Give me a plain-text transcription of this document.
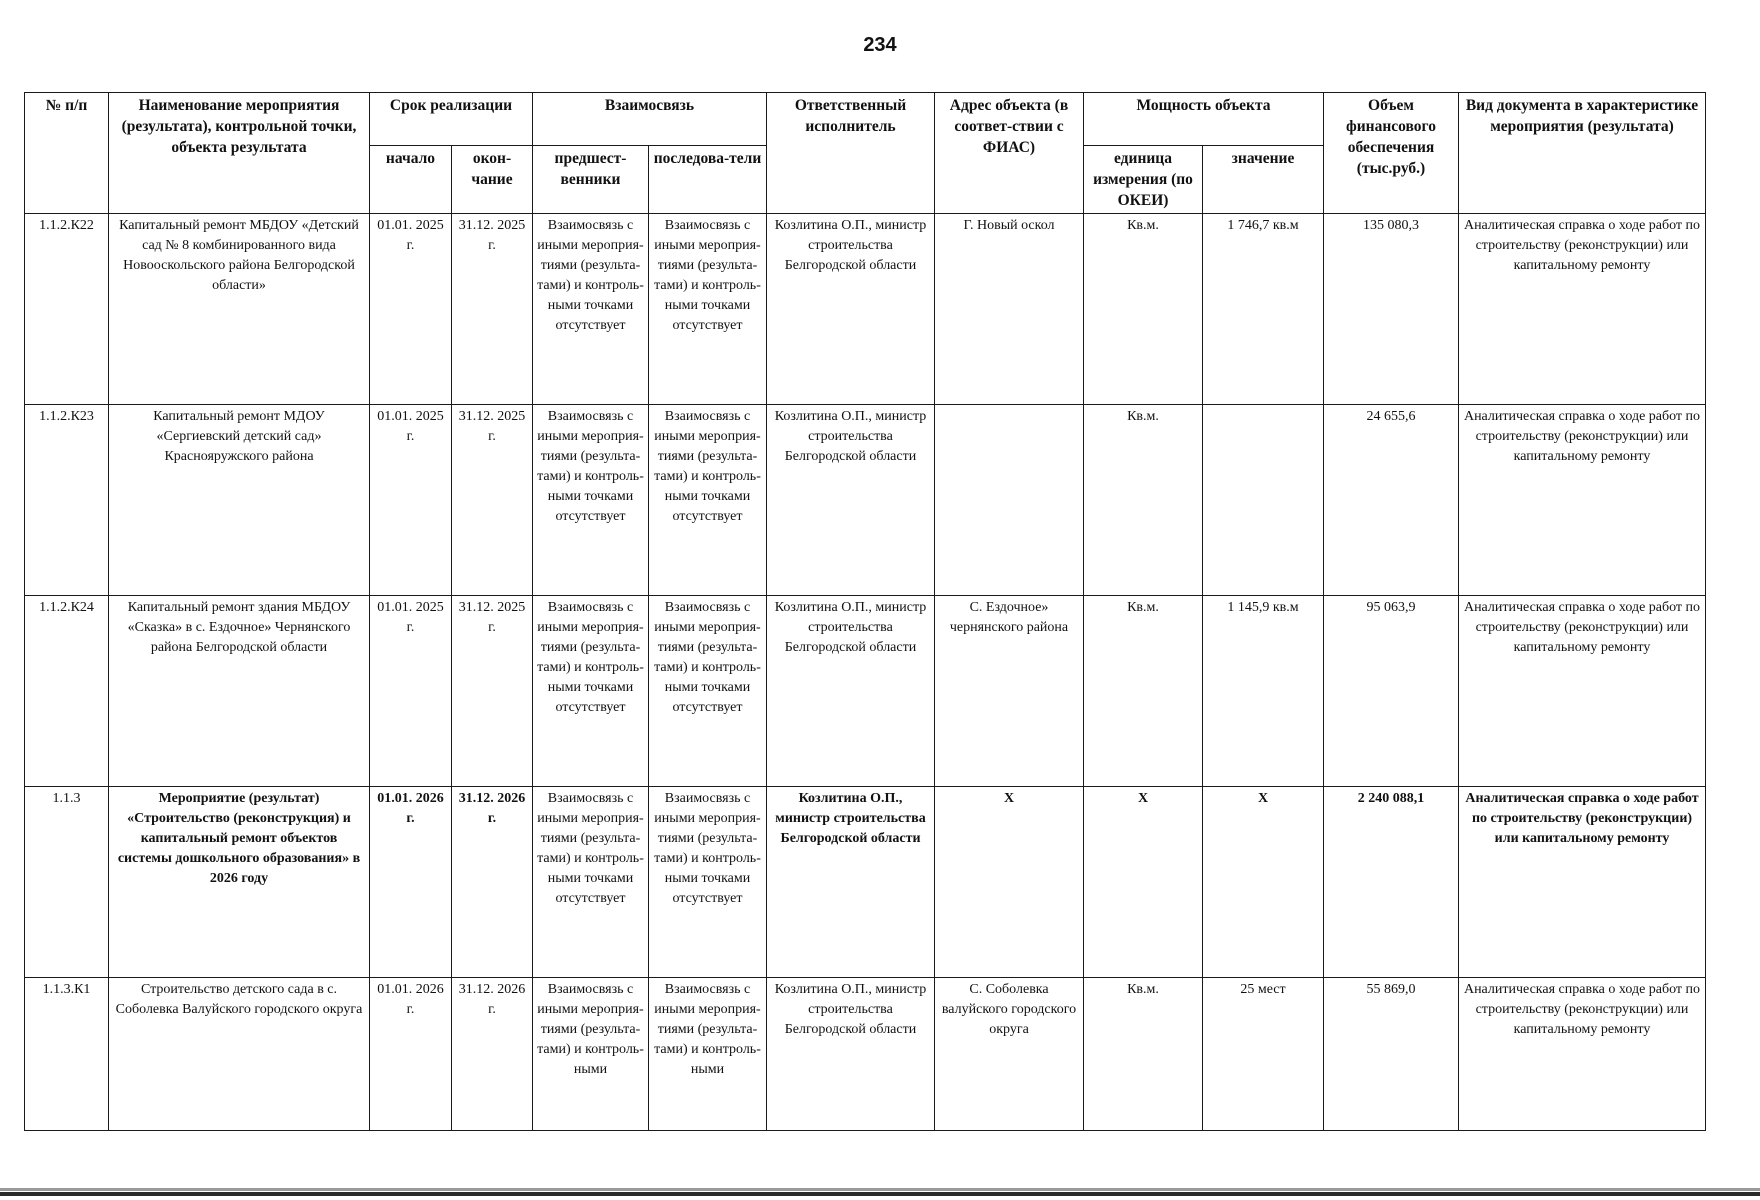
234
№ п/п	Наименование мероприятия (результата), контрольной точки, объекта результата	Срок реализации		Взаимосвязь		Ответственный исполнитель	Адрес объекта (в соответ-ствии с ФИАС)	Мощность объекта		Объем финансового обеспечения (тыс.руб.)	Вид документа в характеристике мероприятия (результата)
		начало	окон-чание	предшест-венники	последова-тели			единица измерения (по ОКЕИ)	значение		
1.1.2.К22	Капитальный ремонт МБДОУ «Детский сад № 8 комбинированного вида Новооскольского района Белгородской области»	01.01. 2025 г.	31.12. 2025 г.	Взаимосвязь с иными мероприя-тиями (результа-тами) и контроль-ными точками отсутствует	Взаимосвязь с иными мероприя-тиями (результа-тами) и контроль-ными точками отсутствует	Козлитина О.П., министр строительства Белгородской области	Г. Новый оскол	Кв.м.	1 746,7 кв.м	135 080,3	Аналитическая справка о ходе работ по строительству (реконструкции) или капитальному ремонту
1.1.2.К23	Капитальный ремонт МДОУ «Сергиевский детский сад» Краснояружского района	01.01. 2025 г.	31.12. 2025 г.	Взаимосвязь с иными мероприя-тиями (результа-тами) и контроль-ными точками отсутствует	Взаимосвязь с иными мероприя-тиями (результа-тами) и контроль-ными точками отсутствует	Козлитина О.П., министр строительства Белгородской области		Кв.м.		24 655,6	Аналитическая справка о ходе работ по строительству (реконструкции) или капитальному ремонту
1.1.2.К24	Капитальный ремонт здания МБДОУ «Сказка» в с. Ездочное» Чернянского района Белгородской области	01.01. 2025 г.	31.12. 2025 г.	Взаимосвязь с иными мероприя-тиями (результа-тами) и контроль-ными точками отсутствует	Взаимосвязь с иными мероприя-тиями (результа-тами) и контроль-ными точками отсутствует	Козлитина О.П., министр строительства Белгородской области	С. Ездочное» чернянского района	Кв.м.	1 145,9 кв.м	95 063,9	Аналитическая справка о ходе работ по строительству (реконструкции) или капитальному ремонту
1.1.3	Мероприятие (результат) «Строительство (реконструкция) и капитальный ремонт объектов системы дошкольного образования» в 2026 году	01.01. 2026 г.	31.12. 2026 г.	Взаимосвязь с иными мероприя-тиями (результа-тами) и контроль-ными точками отсутствует	Взаимосвязь с иными мероприя-тиями (результа-тами) и контроль-ными точками отсутствует	Козлитина О.П., министр строительства Белгородской области	X	X	X	2 240 088,1	Аналитическая справка о ходе работ по строительству (реконструкции) или капитальному ремонту
1.1.3.К1	Строительство детского сада в с. Соболевка Валуйского городского округа	01.01. 2026 г.	31.12. 2026 г.	Взаимосвязь с иными мероприя-тиями (результа-тами) и контроль-ными	Взаимосвязь с иными мероприя-тиями (результа-тами) и контроль-ными	Козлитина О.П., министр строительства Белгородской области	С. Соболевка валуйского городского округа	Кв.м.	25 мест	55 869,0	Аналитическая справка о ходе работ по строительству (реконструкции) или капитальному ремонту
